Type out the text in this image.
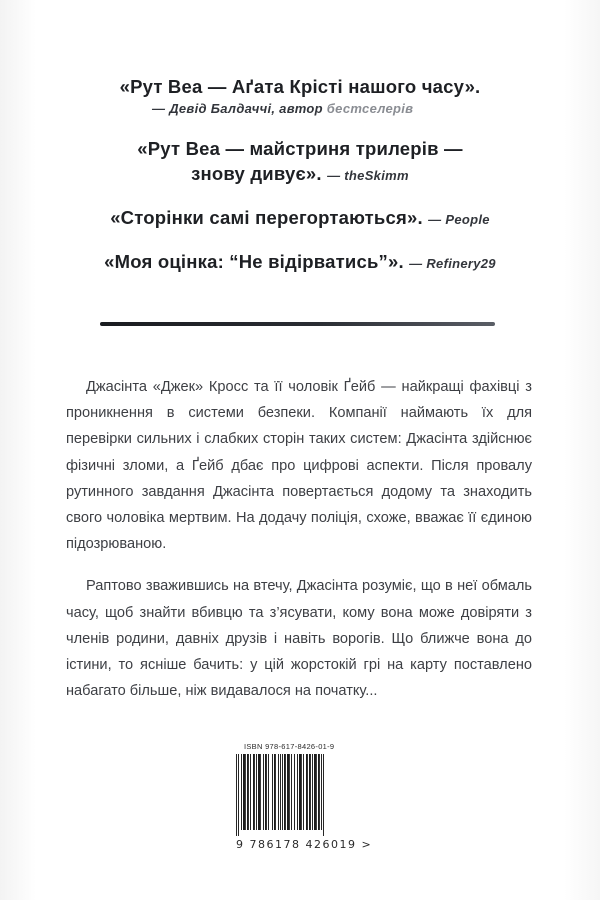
«Рут Веа — Аґата Крісті нашого часу».
— Девід Балдаччі, автор бестселерів
«Рут Веа — майстриня трилерів —
знову дивує». — theSkimm
«Сторінки самі перегортаються». — People
«Моя оцінка: “Не відірватись”». — Refinery29

Джасінта «Джек» Кросс та її чоловік Ґейб — найкращі фахівці з проникнення в системи безпеки. Компанії наймають їх для перевірки сильних і слабких сторін таких систем: Джасінта здійснює фізичні зломи, а Ґейб дбає про цифрові аспекти. Після провалу рутинного завдання Джасінта повертається додому та знаходить свого чоловіка мертвим. На додачу поліція, схоже, вважає її єдиною підозрюваною.

Раптово зважившись на втечу, Джасінта розуміє, що в неї обмаль часу, щоб знайти вбивцю та з’ясувати, кому вона може довіряти з членів родини, давніх друзів і навіть ворогів. Що ближче вона до істини, то ясніше бачить: у цій жорстокій грі на карту поставлено набагато більше, ніж видавалося на початку...

ISBN 978-617-8426-01-9
9 786178 426019 >
